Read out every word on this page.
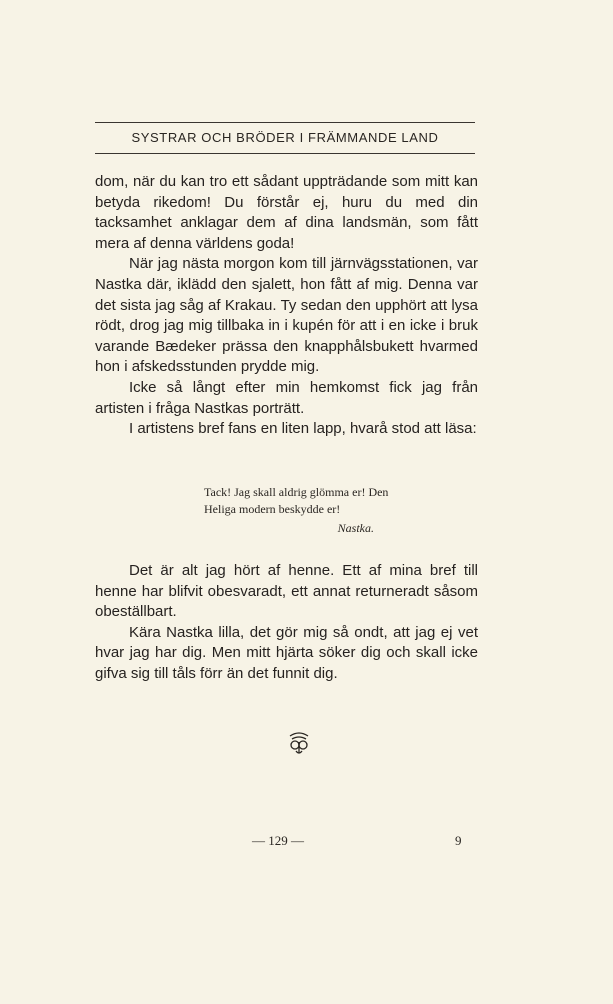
SYSTRAR OCH BRÖDER I FRÄMMANDE LAND

dom, när du kan tro ett sådant uppträdande som mitt kan betyda rikedom! Du förstår ej, huru du med din tacksamhet anklagar dem af dina landsmän, som fått mera af denna världens goda!

När jag nästa morgon kom till järnvägsstationen, var Nastka där, iklädd den sjalett, hon fått af mig. Denna var det sista jag såg af Krakau. Ty sedan den upphört att lysa rödt, drog jag mig tillbaka in i kupén för att i en icke i bruk varande Bædeker prässa den knapphålsbukett hvarmed hon i afskedsstunden prydde mig.

Icke så långt efter min hemkomst fick jag från artisten i fråga Nastkas porträtt.

I artistens bref fans en liten lapp, hvarå stod att läsa:

Tack! Jag skall aldrig glömma er! Den Heliga modern beskydde er!

Nastka.

Det är alt jag hört af henne. Ett af mina bref till henne har blifvit obesvaradt, ett annat returneradt såsom obeställbart.

Kära Nastka lilla, det gör mig så ondt, att jag ej vet hvar jag har dig. Men mitt hjärta söker dig och skall icke gifva sig till tåls förr än det funnit dig.

— 129 —	9
